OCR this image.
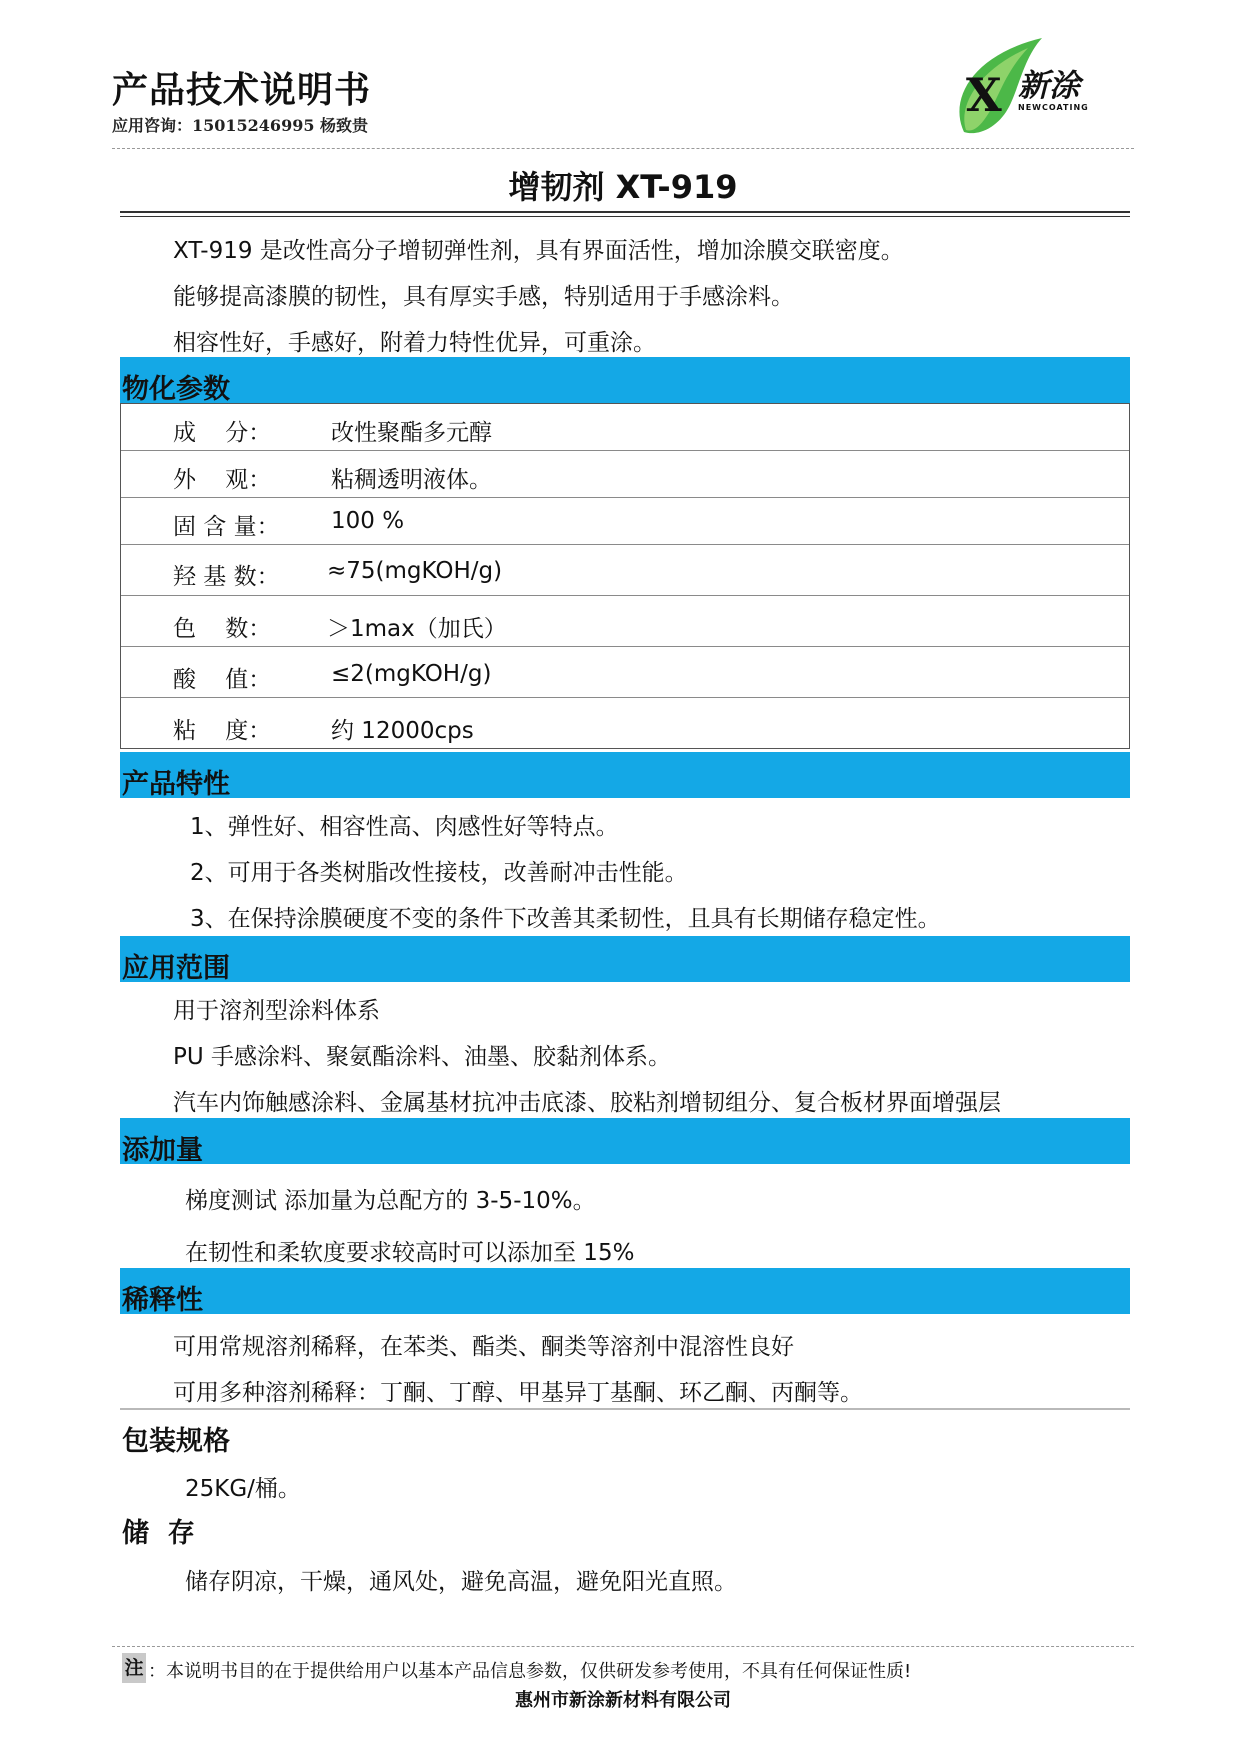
产品技术说明书
应用咨询：15015246995 杨致贵
X 新涂
NEWCOATING
增韧剂 XT-919
XT-919 是改性高分子增韧弹性剂，具有界面活性，增加涂膜交联密度。
能够提高漆膜的韧性，具有厚实手感，特别适用于手感涂料。
相容性好，手感好，附着力特性优异，可重涂。
物化参数
成    分：	改性聚酯多元醇
外    观：	粘稠透明液体。
固 含 量： 100 %
羟 基 数： ≈75(mgKOH/g)
色    数： ＞1max（加氏）
酸    值：	≤2(mgKOH/g)
粘    度：	约 12000cps
产品特性
1、弹性好、相容性高、肉感性好等特点。
2、可用于各类树脂改性接枝，改善耐冲击性能。
3、在保持涂膜硬度不变的条件下改善其柔韧性，且具有长期储存稳定性。
应用范围
用于溶剂型涂料体系
PU 手感涂料、聚氨酯涂料、油墨、胶黏剂体系。
汽车内饰触感涂料、金属基材抗冲击底漆、胶粘剂增韧组分、复合板材界面增强层
添加量
梯度测试 添加量为总配方的 3-5-10%。
在韧性和柔软度要求较高时可以添加至 15%
稀释性
可用常规溶剂稀释，在苯类、酯类、酮类等溶剂中混溶性良好
可用多种溶剂稀释：丁酮、丁醇、甲基异丁基酮、环乙酮、丙酮等。
包装规格
25KG/桶。
储  存
储存阴凉，干燥，通风处，避免高温，避免阳光直照。
注 ：本说明书目的在于提供给用户以基本产品信息参数，仅供研发参考使用，不具有任何保证性质!
惠州市新涂新材料有限公司
